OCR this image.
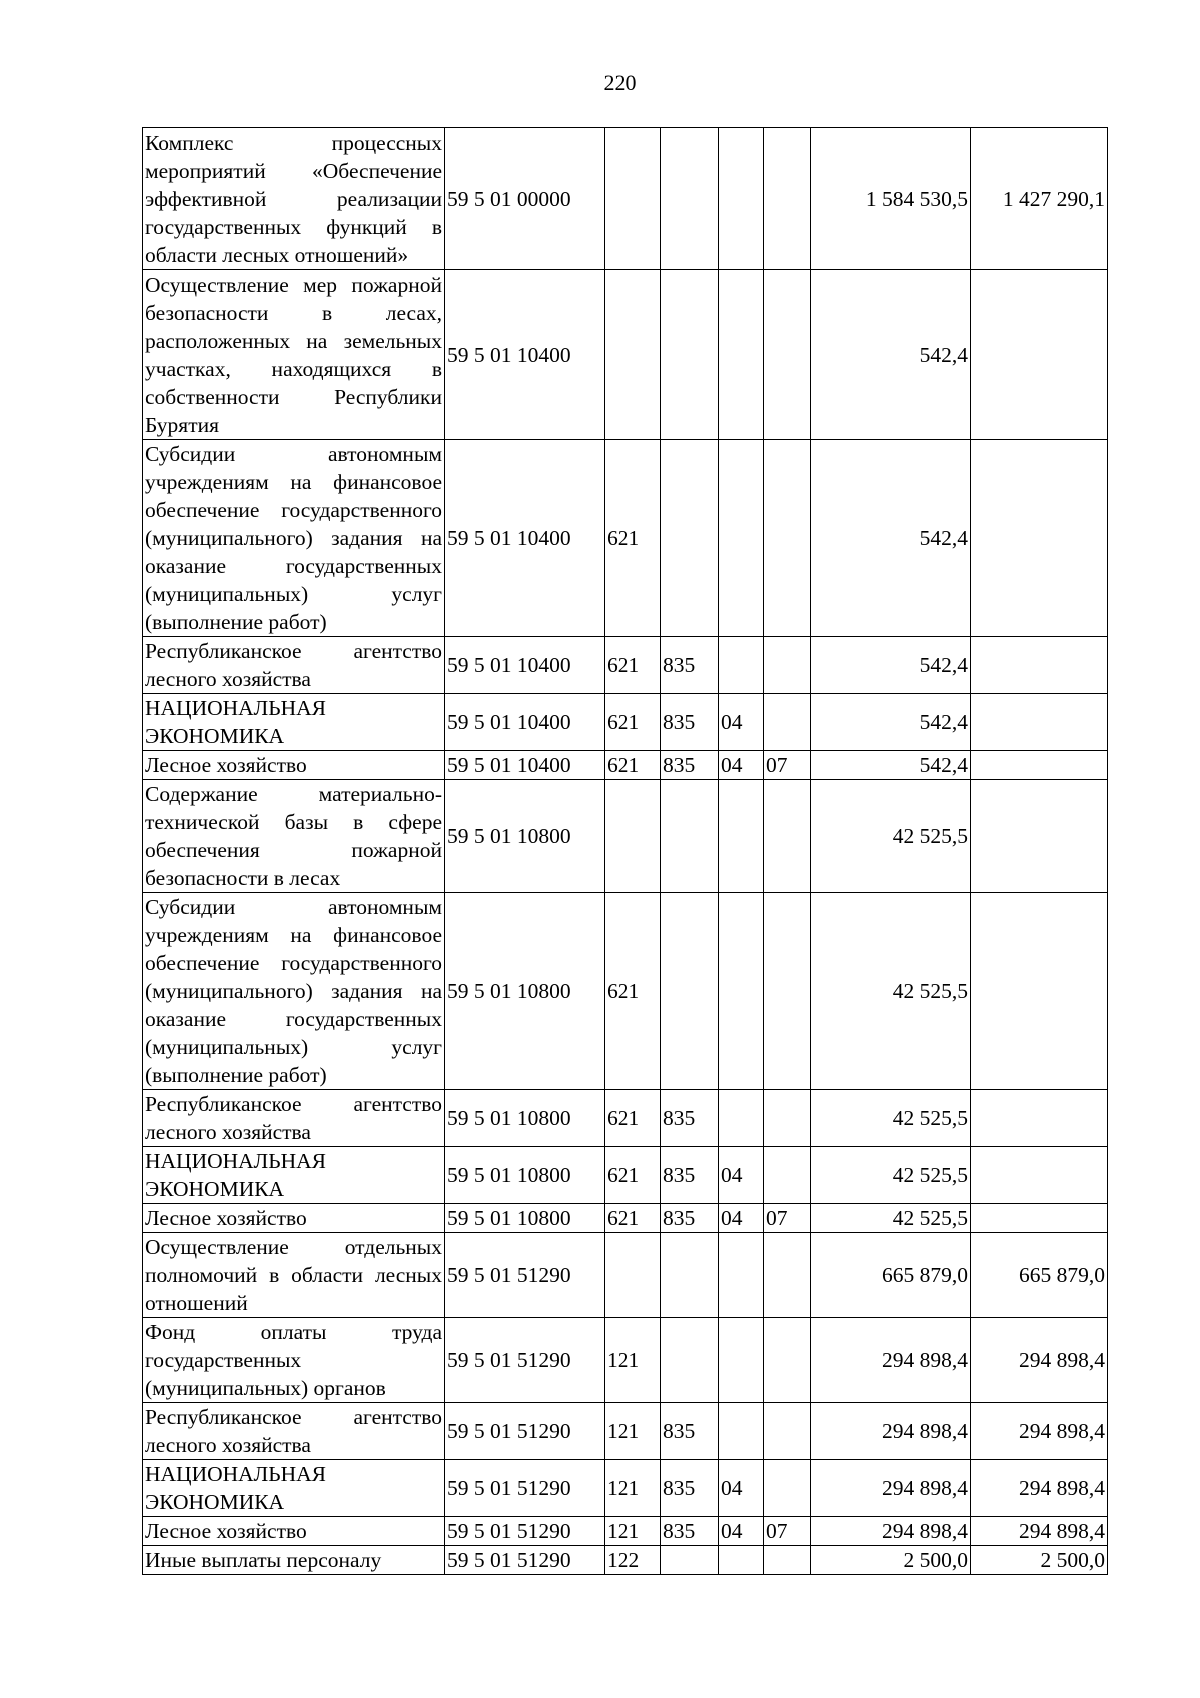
220
Комплекс процессных мероприятий «Обеспечение эффективной реализации государственных функций в области лесных отношений»	59 5 01 00000					1 584 530,5	1 427 290,1
Осуществление мер пожарной безопасности в лесах, расположенных на земельных участках, находящихся в собственности Республики Бурятия	59 5 01 10400					542,4	
Субсидии автономным учреждениям на финансовое обеспечение государственного (муниципального) задания на оказание государственных (муниципальных) услуг (выполнение работ)	59 5 01 10400	621				542,4	
Республиканское агентство лесного хозяйства	59 5 01 10400	621	835			542,4	
НАЦИОНАЛЬНАЯ ЭКОНОМИКА	59 5 01 10400	621	835	04		542,4	
Лесное хозяйство	59 5 01 10400	621	835	04	07	542,4	
Содержание материально-технической базы в сфере обеспечения пожарной безопасности в лесах	59 5 01 10800					42 525,5	
Субсидии автономным учреждениям на финансовое обеспечение государственного (муниципального) задания на оказание государственных (муниципальных) услуг (выполнение работ)	59 5 01 10800	621				42 525,5	
Республиканское агентство лесного хозяйства	59 5 01 10800	621	835			42 525,5	
НАЦИОНАЛЬНАЯ ЭКОНОМИКА	59 5 01 10800	621	835	04		42 525,5	
Лесное хозяйство	59 5 01 10800	621	835	04	07	42 525,5	
Осуществление отдельных полномочий в области лесных отношений	59 5 01 51290					665 879,0	665 879,0
Фонд оплаты труда государственных (муниципальных) органов	59 5 01 51290	121				294 898,4	294 898,4
Республиканское агентство лесного хозяйства	59 5 01 51290	121	835			294 898,4	294 898,4
НАЦИОНАЛЬНАЯ ЭКОНОМИКА	59 5 01 51290	121	835	04		294 898,4	294 898,4
Лесное хозяйство	59 5 01 51290	121	835	04	07	294 898,4	294 898,4
Иные выплаты персоналу	59 5 01 51290	122				2 500,0	2 500,0
